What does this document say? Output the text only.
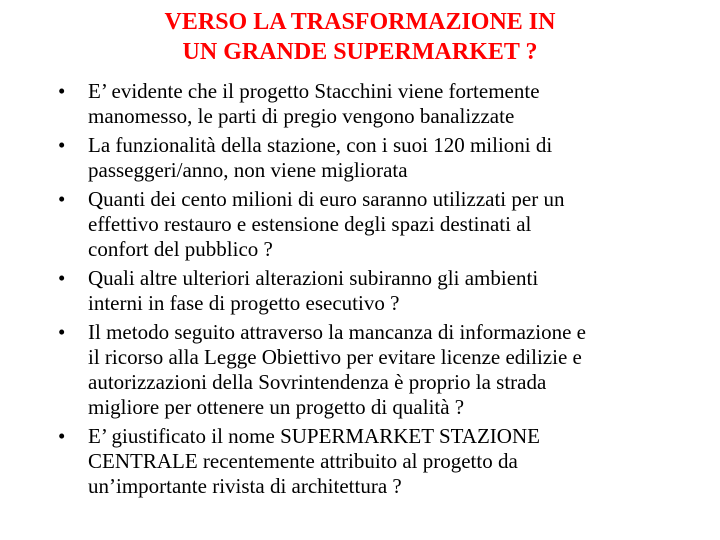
VERSO LA TRASFORMAZIONE IN
UN GRANDE SUPERMARKET ?
•	E’ evidente che il progetto Stacchini viene fortemente
manomesso, le parti di pregio vengono banalizzate
•	La funzionalità della stazione, con i suoi 120 milioni di
passeggeri/anno, non viene migliorata
•	Quanti dei cento milioni di euro saranno utilizzati per un
effettivo restauro e estensione degli spazi destinati al
confort del pubblico ?
•	Quali altre ulteriori alterazioni subiranno gli ambienti
interni in fase di progetto esecutivo ?
•	Il metodo seguito attraverso la mancanza di informazione e
il ricorso alla Legge Obiettivo per evitare licenze edilizie e
autorizzazioni della Sovrintendenza è proprio la strada
migliore per ottenere un progetto di qualità ?
•	E’ giustificato il nome SUPERMARKET STAZIONE
CENTRALE recentemente attribuito al progetto da
un’importante rivista di architettura ?
